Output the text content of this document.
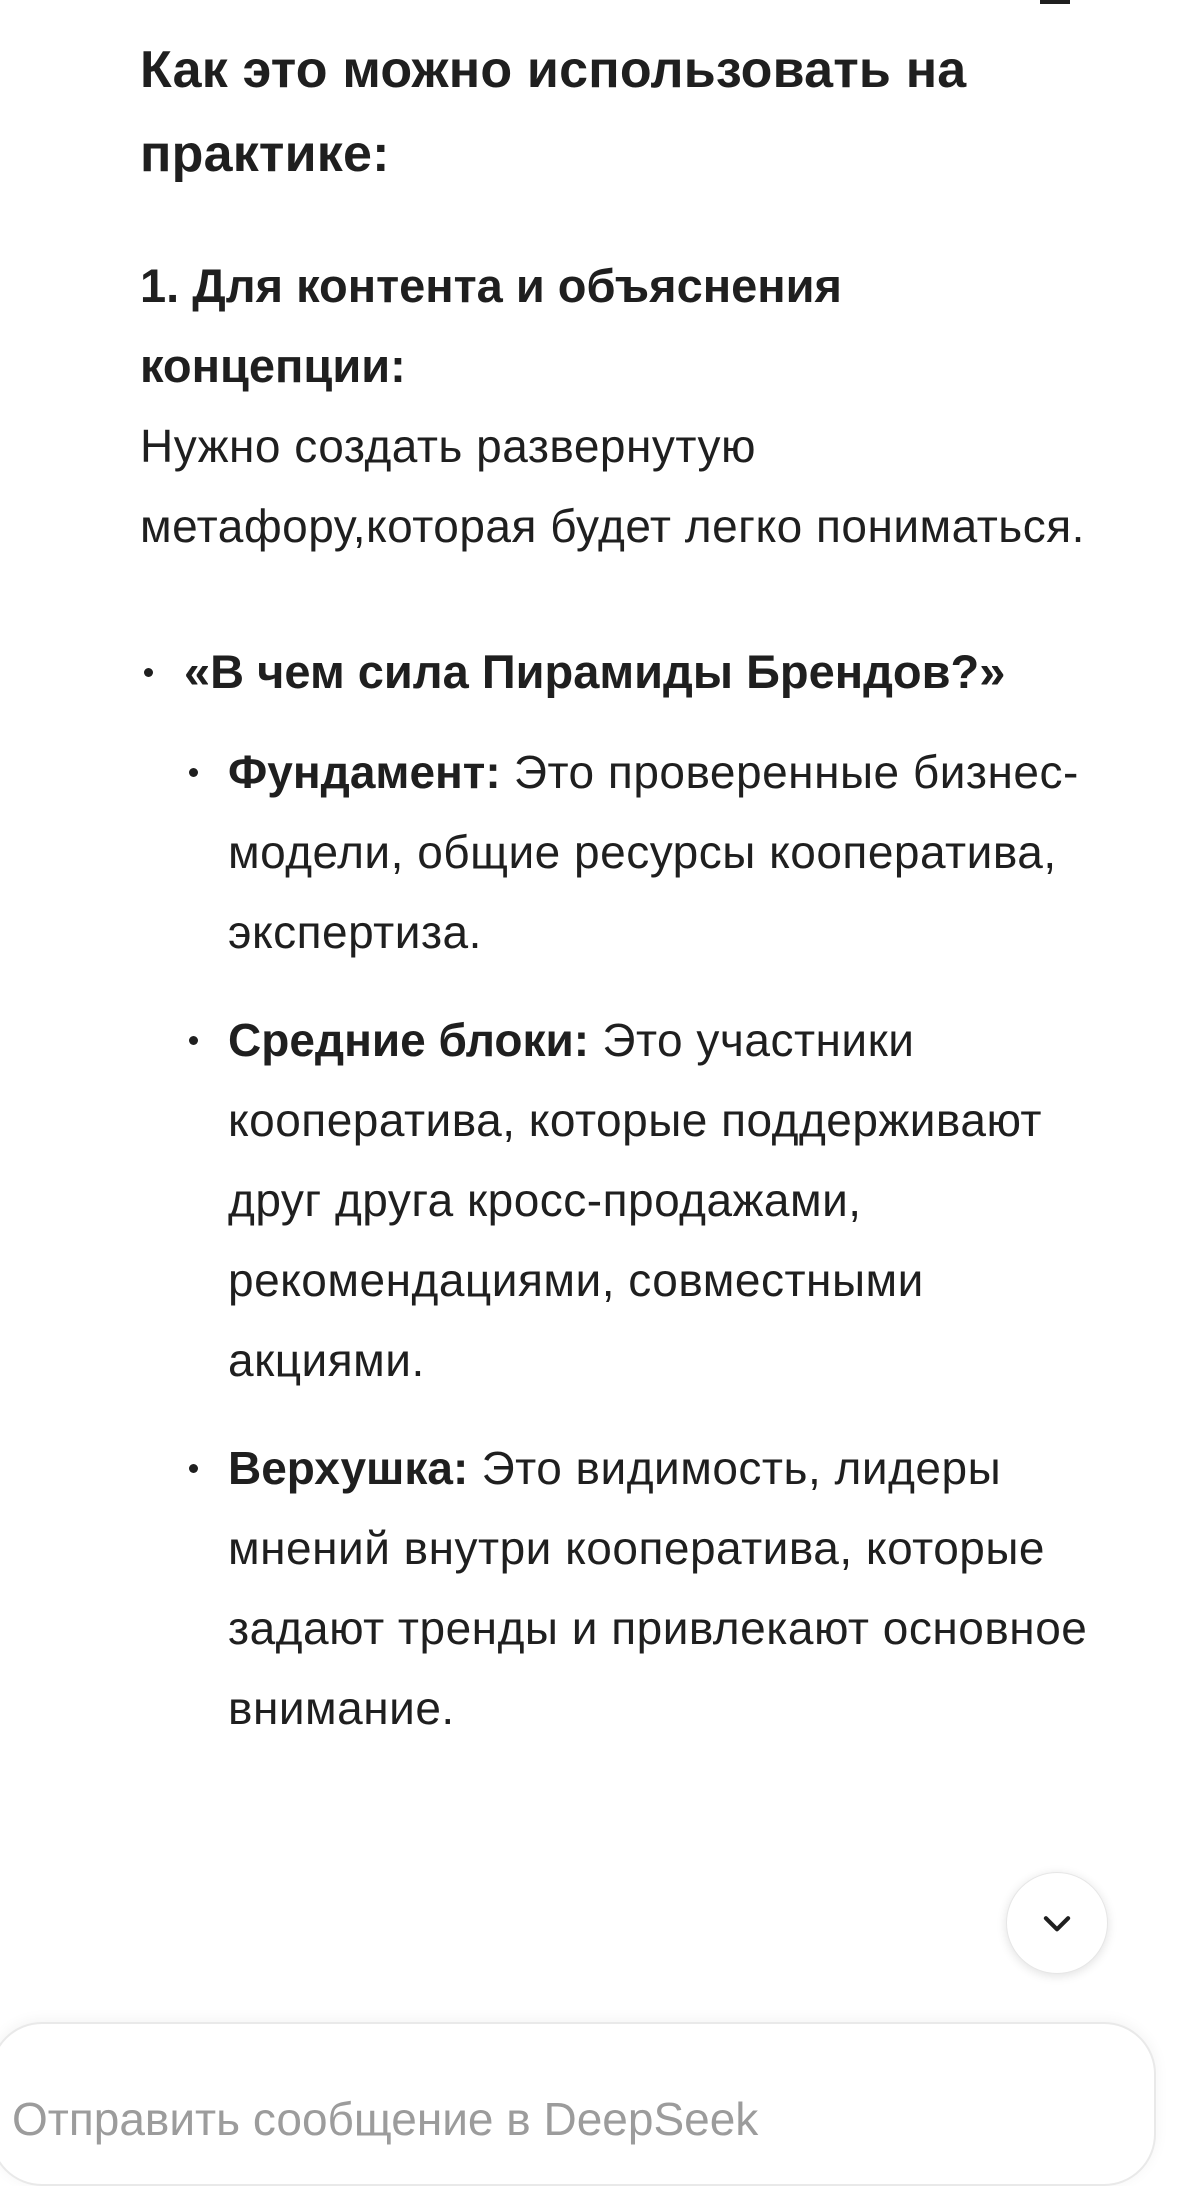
Как это можно использовать на практике:
1. Для контента и объяснения концепции:

Нужно создать развернутую метафору,которая будет легко пониматься.

«В чем сила Пирамиды Брендов?»
Фундамент: Это проверенные бизнес-модели, общие ресурсы кооператива, экспертиза.
Средние блоки: Это участники кооператива, которые поддерживают друг друга кросс-продажами, рекомендациями, совместными акциями.
Верхушка: Это видимость, лидеры мнений внутри кооператива, которые задают тренды и привлекают основное внимание.
Отправить сообщение в DeepSeek
